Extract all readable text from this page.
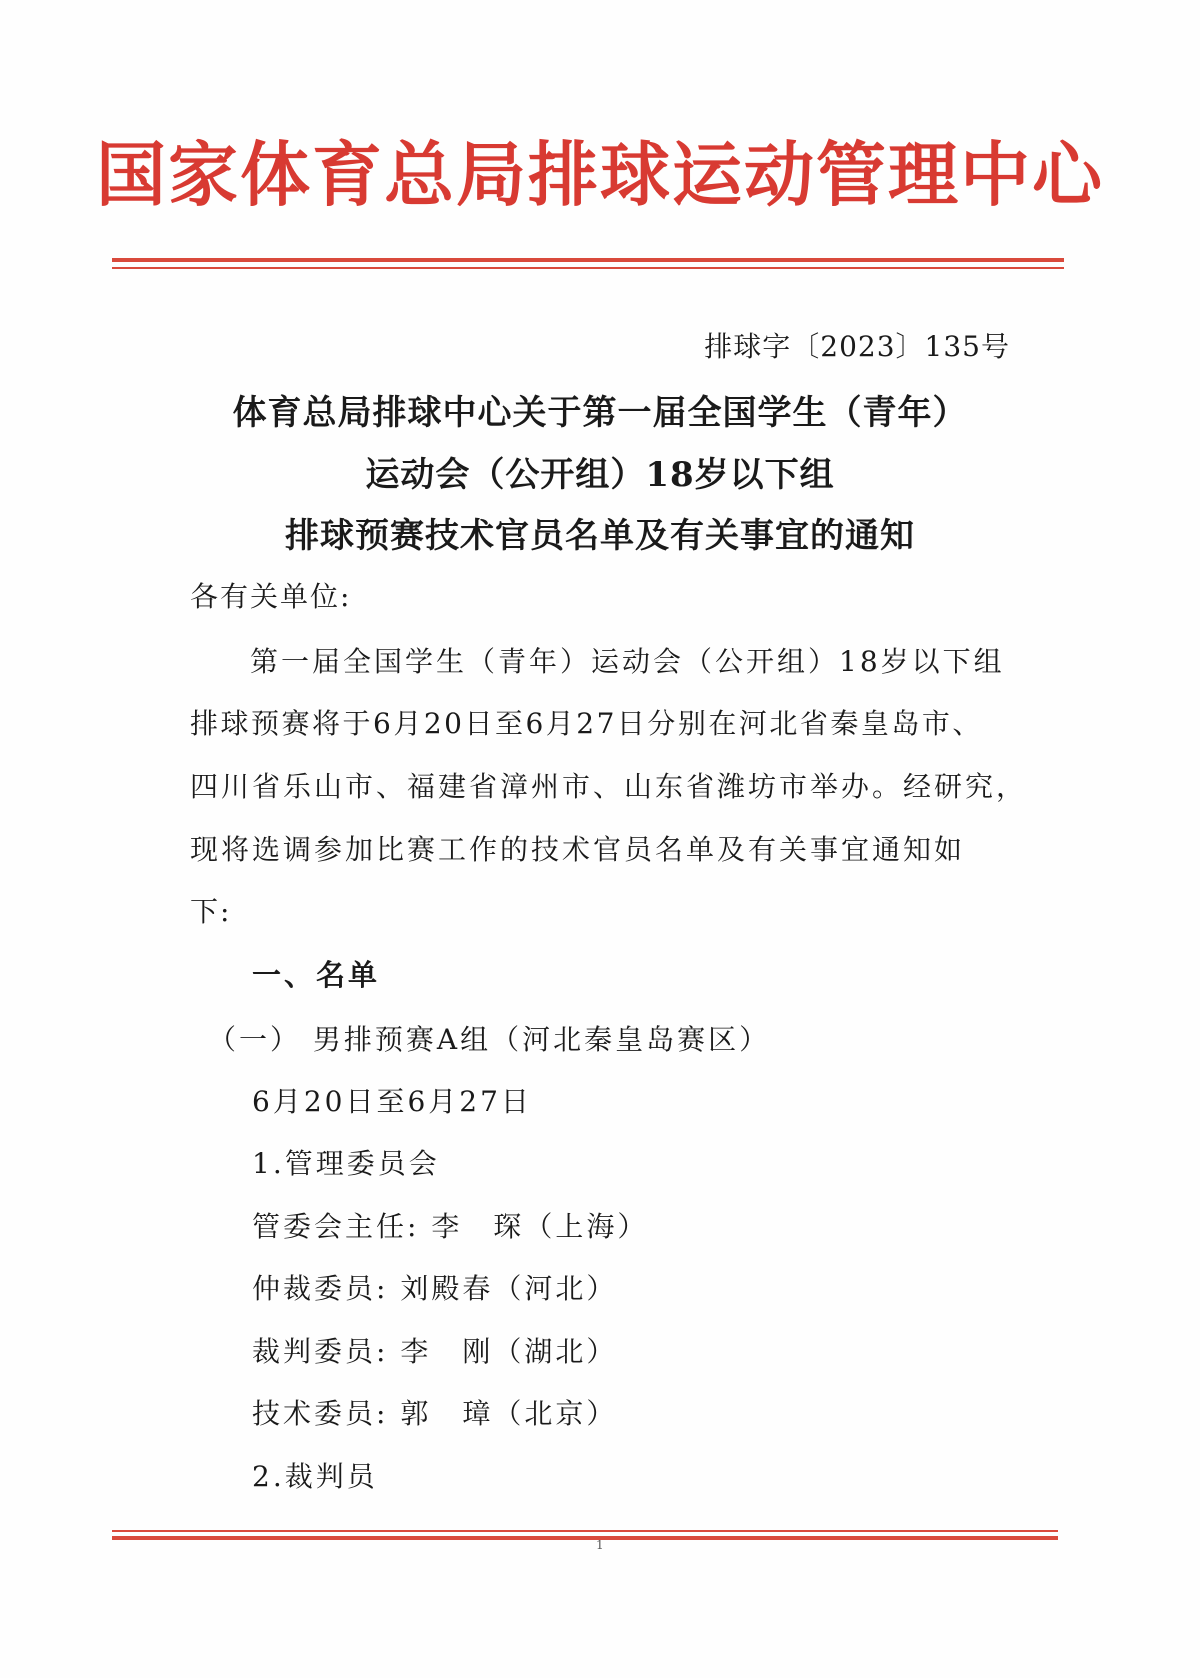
国家体育总局排球运动管理中心
排球字〔2023〕135号
体育总局排球中心关于第一届全国学生（青年）
运动会（公开组）18岁以下组
排球预赛技术官员名单及有关事宜的通知
各有关单位:
第一届全国学生（青年）运动会（公开组）18岁以下组
排球预赛将于6月20日至6月27日分别在河北省秦皇岛市、
四川省乐山市、福建省漳州市、山东省潍坊市举办。经研究，
现将选调参加比赛工作的技术官员名单及有关事宜通知如
下:
一、名单
（一） 男排预赛A组（河北秦皇岛赛区）
6月20日至6月27日
1.管理委员会
管委会主任: 李　琛（上海）
仲裁委员: 刘殿春（河北）
裁判委员: 李　刚（湖北）
技术委员: 郭　璋（北京）
2.裁判员
1
